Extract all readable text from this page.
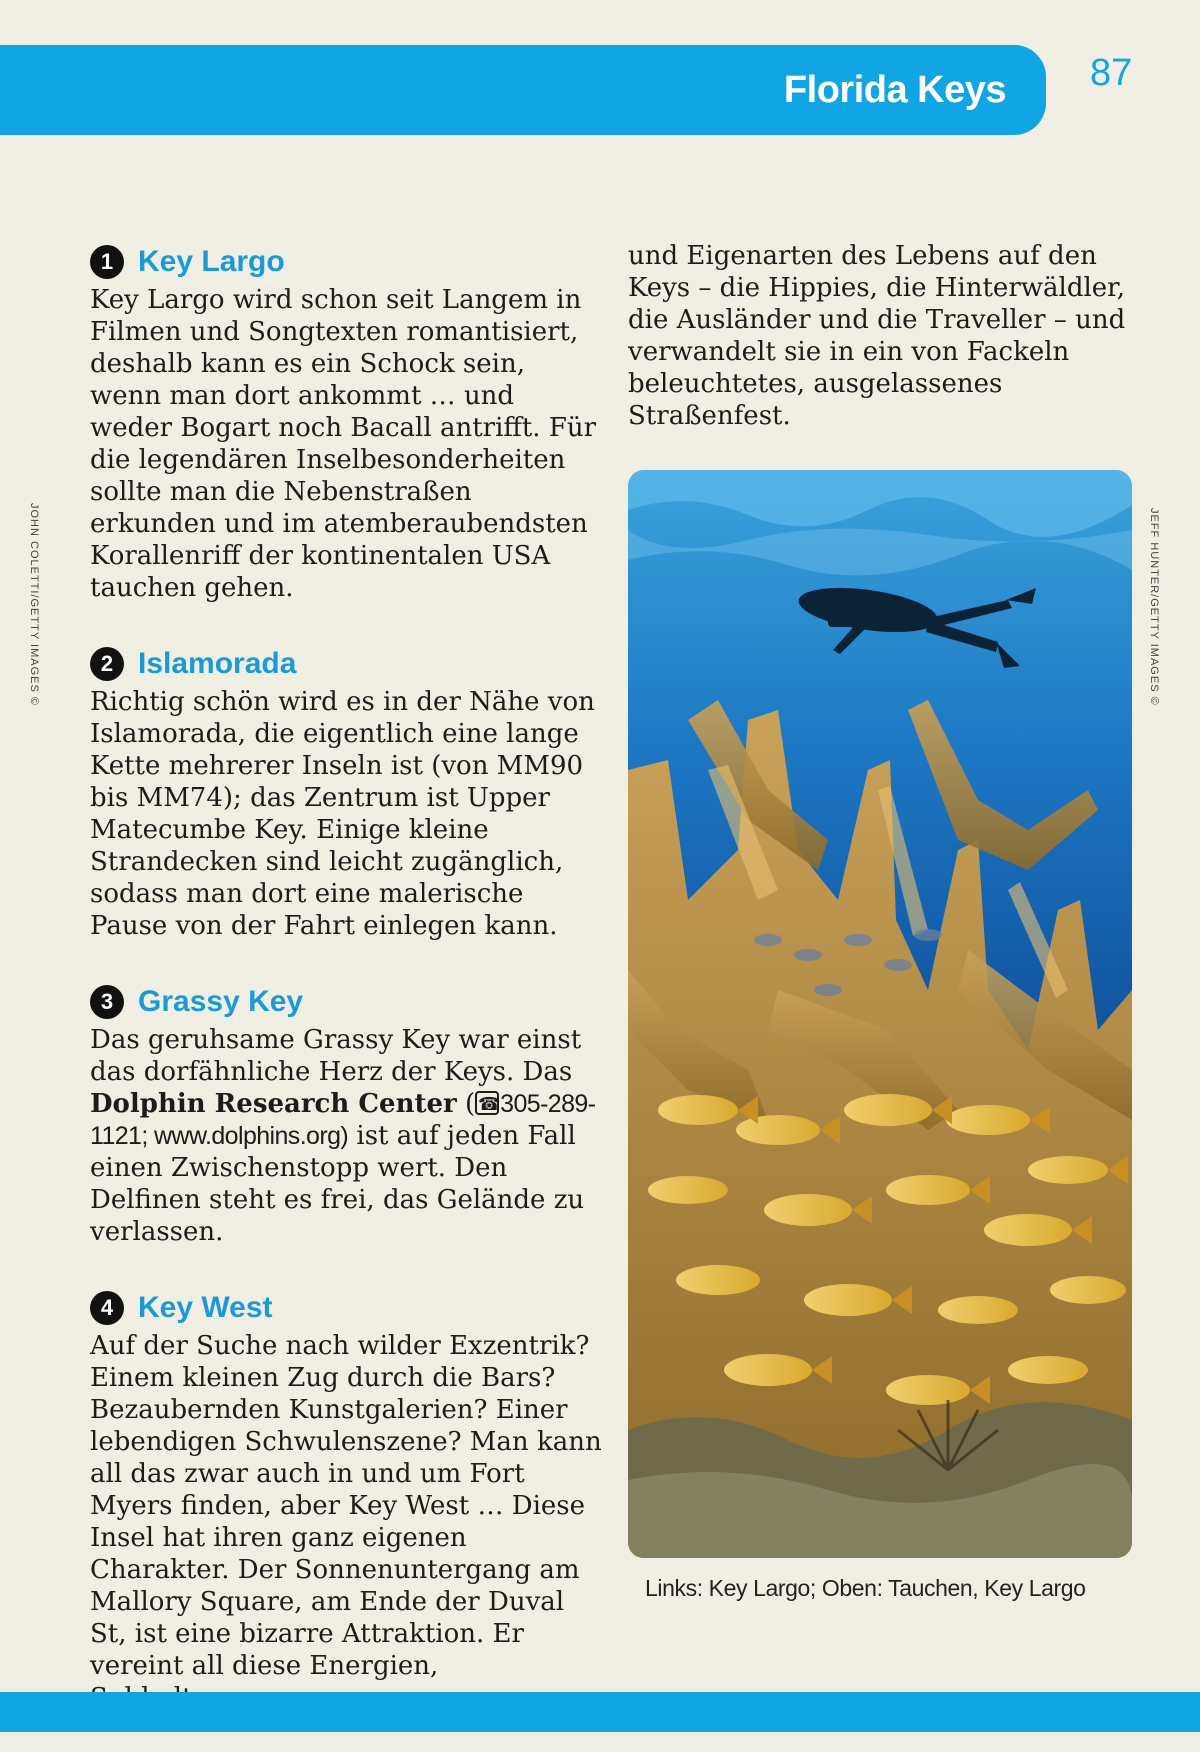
Florida Keys 87
JOHN COLETTI/GETTY IMAGES ©	JEFF HUNTER/GETTY IMAGES ©
1 Key Largo

Key Largo wird schon seit Langem in Filmen und Songtexten romantisiert, deshalb kann es ein Schock sein, wenn man dort ankommt … und weder Bogart noch Bacall antrifft. Für die legendären Inselbesonderheiten sollte man die Nebenstraßen erkunden und im atemberaubendsten Korallenriff der kontinentalen USA tauchen gehen.

2 Islamorada

Richtig schön wird es in der Nähe von Islamorada, die eigentlich eine lange Kette mehrerer Inseln ist (von MM90 bis MM74); das Zentrum ist Upper Matecumbe Key. Einige kleine Strandecken sind leicht zugänglich, sodass man dort eine malerische Pause von der Fahrt einlegen kann.

3 Grassy Key

Das geruhsame Grassy Key war einst das dorfähnliche Herz der Keys. Das Dolphin Research Center (☎ 305-289-1121; www.dolphins.org) ist auf jeden Fall einen Zwischenstopp wert. Den Delfinen steht es frei, das Gelände zu verlassen.

4 Key West

Auf der Suche nach wilder Exzentrik? Einem kleinen Zug durch die Bars? Bezaubernden Kunstgalerien? Einer lebendigen Schwulenszene? Man kann all das zwar auch in und um Fort Myers finden, aber Key West … Diese Insel hat ihren ganz eigenen Charakter. Der Sonnenuntergang am Mallory Square, am Ende der Duval St, ist eine bizarre Attraktion. Er vereint all diese Energien,

und Eigenarten des Lebens auf den Keys – die Hippies, die Hinterwäldler, die Ausländer und die Traveller – und verwandelt sie in ein von Fackeln beleuchtetes, ausgelassenes Straßenfest.

Links: Key Largo; Oben: Tauchen, Key Largo
